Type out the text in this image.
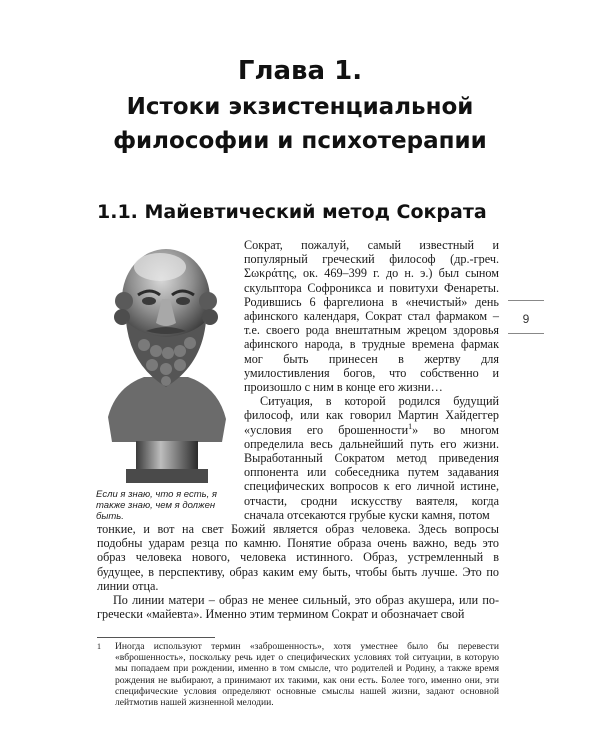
Глава 1.
Истоки экзистенциальной философии и психотерапии
1.1. Майевтический метод Сократа

Если я знаю, что я есть, я также знаю, чем я должен быть.

Сократ, пожалуй, самый известный и популярный греческий философ (др.-греч. Σωκράτης, ок. 469–399 г. до н. э.) был сыном скульптора Софроникса и повитухи Фенареты. Родившись 6 фаргелиона в «нечистый» день афинского календаря, Сократ стал фармаком – т.е. своего рода внештатным жрецом здоровья афинского народа, в трудные времена фармак мог быть принесен в жертву для умилостивления богов, что собственно и произошло с ним в конце его жизни…

Ситуация, в которой родился будущий философ, или как говорил Мартин Хайдеггер «условия его брошенности$^1$» во многом определила весь дальнейший путь его жизни. Выработанный Сократом метод приведения оппонента или собеседника путем задавания специфических вопросов к его личной истине, отчасти, сродни искусству ваятеля, когда сначала отсекаются грубые куски камня, потом

тонкие, и вот на свет Божий является образ человека. Здесь вопросы подобны ударам резца по камню. Понятие образа очень важно, ведь это образ человека нового, человека истинного. Образ, устремленный в будущее, в перспективу, образ каким ему быть, чтобы быть лучше. Это по линии отца.

По линии матери – образ не менее сильный, это образ акушера, или по-гречески «майевта». Именно этим термином Сократ и обозначает свой

9
1 Иногда используют термин «заброшенность», хотя уместнее было бы перевести «вброшенность», поскольку речь идет о специфических условиях той ситуации, в которую мы попадаем при рождении, именно в том смысле, что родителей и Родину, а также время рождения не выбирают, а принимают их такими, как они есть. Более того, именно они, эти специфические условия определяют основные смыслы нашей жизни, задают основной лейтмотив нашей жизненной мелодии.
